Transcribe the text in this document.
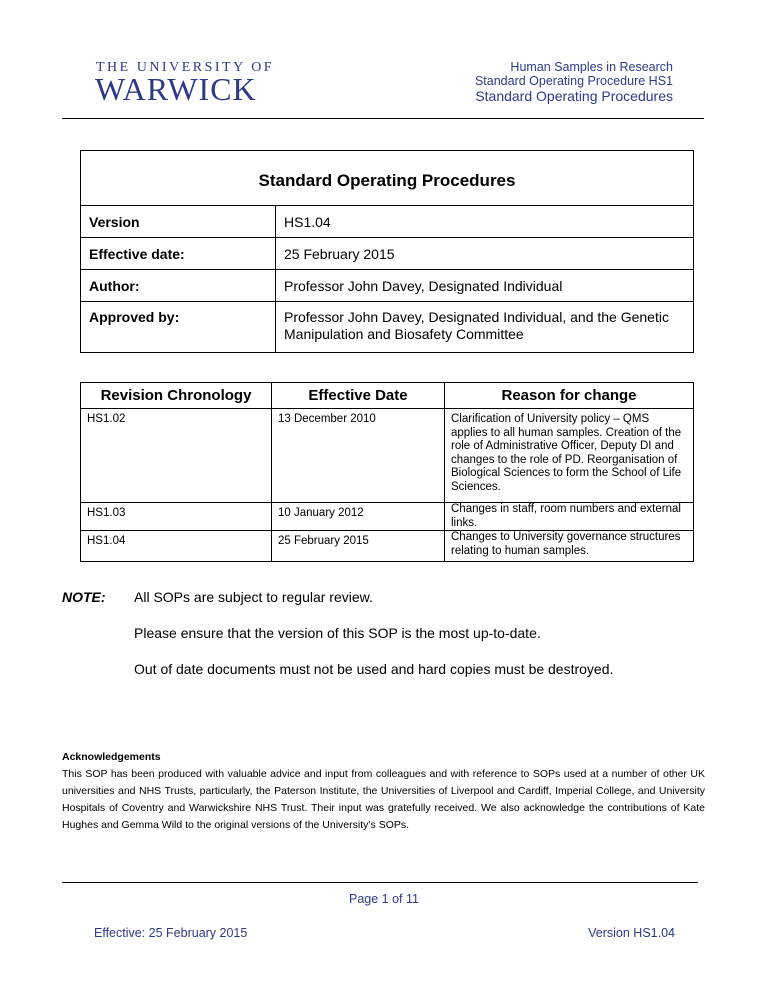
THE UNIVERSITY OF
WARWICK
Human Samples in Research
Standard Operating Procedure HS1
Standard Operating Procedures
Standard Operating Procedures	
Version	HS1.04
Effective date:	25 February 2015
Author:	Professor John Davey, Designated Individual
Approved by:	Professor John Davey, Designated Individual, and the Genetic Manipulation and Biosafety Committee
Revision Chronology	Effective Date	Reason for change
HS1.02	13 December 2010	Clarification of University policy – QMS applies to all human samples. Creation of the role of Administrative Officer, Deputy DI and changes to the role of PD. Reorganisation of Biological Sciences to form the School of Life Sciences.
HS1.03	10 January 2012	Changes in staff, room numbers and external links.
HS1.04	25 February 2015	Changes to University governance structures relating to human samples.
NOTE: All SOPs are subject to regular review.
Please ensure that the version of this SOP is the most up-to-date.
Out of date documents must not be used and hard copies must be destroyed.
Acknowledgements
This SOP has been produced with valuable advice and input from colleagues and with reference to SOPs used at a number of other UK universities and NHS Trusts, particularly, the Paterson Institute, the Universities of Liverpool and Cardiff, Imperial College, and University Hospitals of Coventry and Warwickshire NHS Trust. Their input was gratefully received. We also acknowledge the contributions of Kate Hughes and Gemma Wild to the original versions of the University’s SOPs.
Page 1 of 11
Effective: 25 February 2015	Version HS1.04
